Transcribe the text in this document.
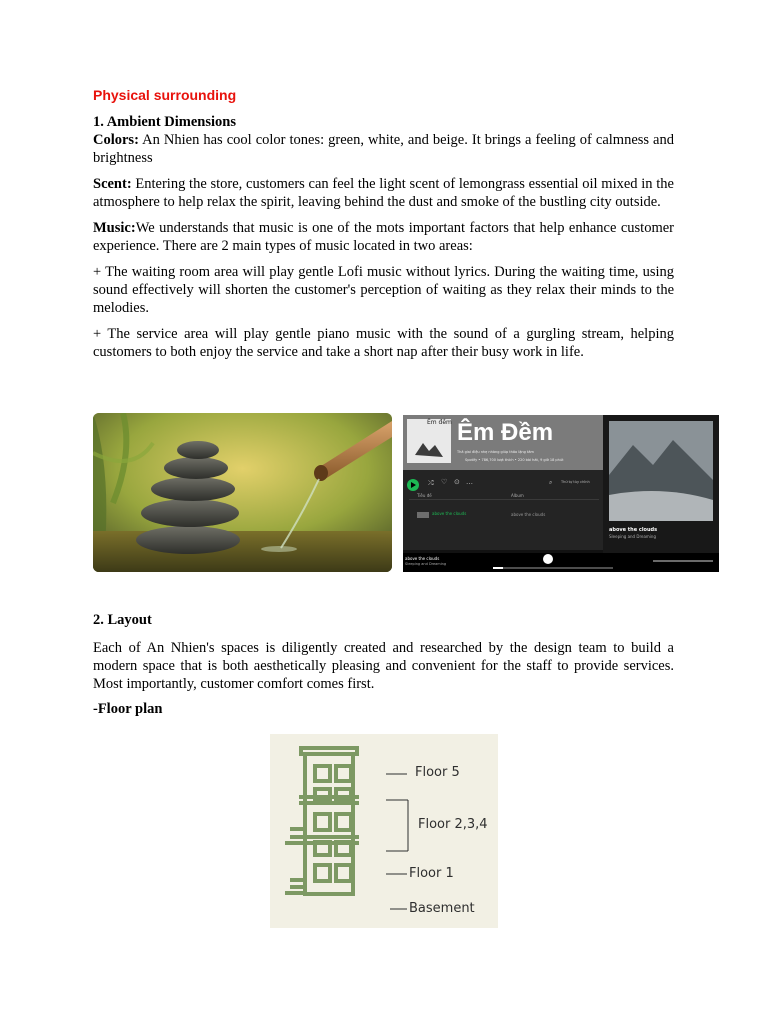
Physical surrounding
1. Ambient Dimensions

Colors: An Nhien has cool color tones: green, white, and beige. It brings a feeling of calmness and brightness

Scent: Entering the store, customers can feel the light scent of lemongrass essential oil mixed in the atmosphere to help relax the spirit, leaving behind the dust and smoke of the bustling city outside.

Music:We understands that music is one of the mots important factors that help enhance customer experience. There are 2 main types of music located in two areas:

+ The waiting room area will play gentle Lofi music without lyrics. During the waiting time, using sound effectively will shorten the customer's perception of waiting as they relax their minds to the melodies.

+ The service area will play gentle piano music with the sound of a gurgling stream, helping customers to both enjoy the service and take a short nap after their busy work in life.

Êm đềm Êm Đềm
Thả giai điệu nhẹ nhàng giúp thảo lặng tâm
Spotify • 786,700 lượt thích • 220 bài hát, 9 giờ 18 phút
⤮ ♡ ⊙ …	⌕ Thứ tự tùy chỉnh
Tiêu đề	Album
above the clouds	above the clouds
above the clouds
Sleeping and Dreaming
above the clouds
Sleeping and Dreaming
2. Layout

Each of An Nhien's spaces is diligently created and researched by the design team to build a modern space that is both aesthetically pleasing and convenient for the staff to provide services. Most importantly, customer comfort comes first.

-Floor plan
Floor 5
Floor 2,3,4
Floor 1
Basement
